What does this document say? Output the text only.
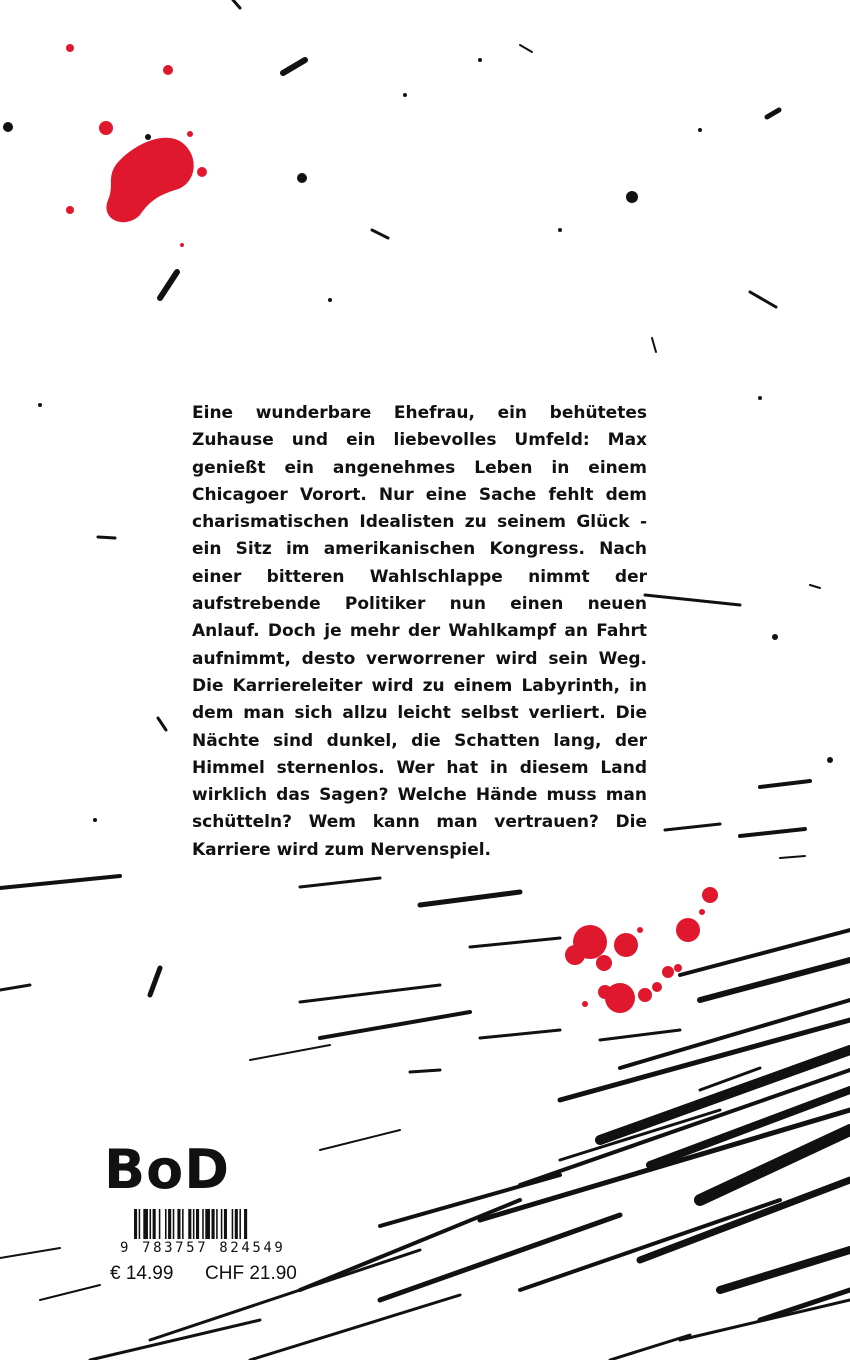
Eine wunderbare Ehefrau, ein behütetes Zuhause und ein liebevolles Umfeld: Max genießt ein angenehmes Leben in einem Chicagoer Vorort. Nur eine Sache fehlt dem charismatischen Idealisten zu seinem Glück - ein Sitz im amerikanischen Kongress. Nach einer bitteren Wahlschlappe nimmt der aufstrebende Politiker nun einen neuen Anlauf. Doch je mehr der Wahlkampf an Fahrt aufnimmt, desto verworrener wird sein Weg. Die Karriereleiter wird zu einem Labyrinth, in dem man sich allzu leicht selbst verliert. Die Nächte sind dunkel, die Schatten lang, der Himmel sternenlos. Wer hat in diesem Land wirklich das Sagen? Welche Hände muss man schütteln? Wem kann man vertrauen? Die Karriere wird zum Nervenspiel.

BoD
9 783757 824549
€ 14.99 CHF 21.90
